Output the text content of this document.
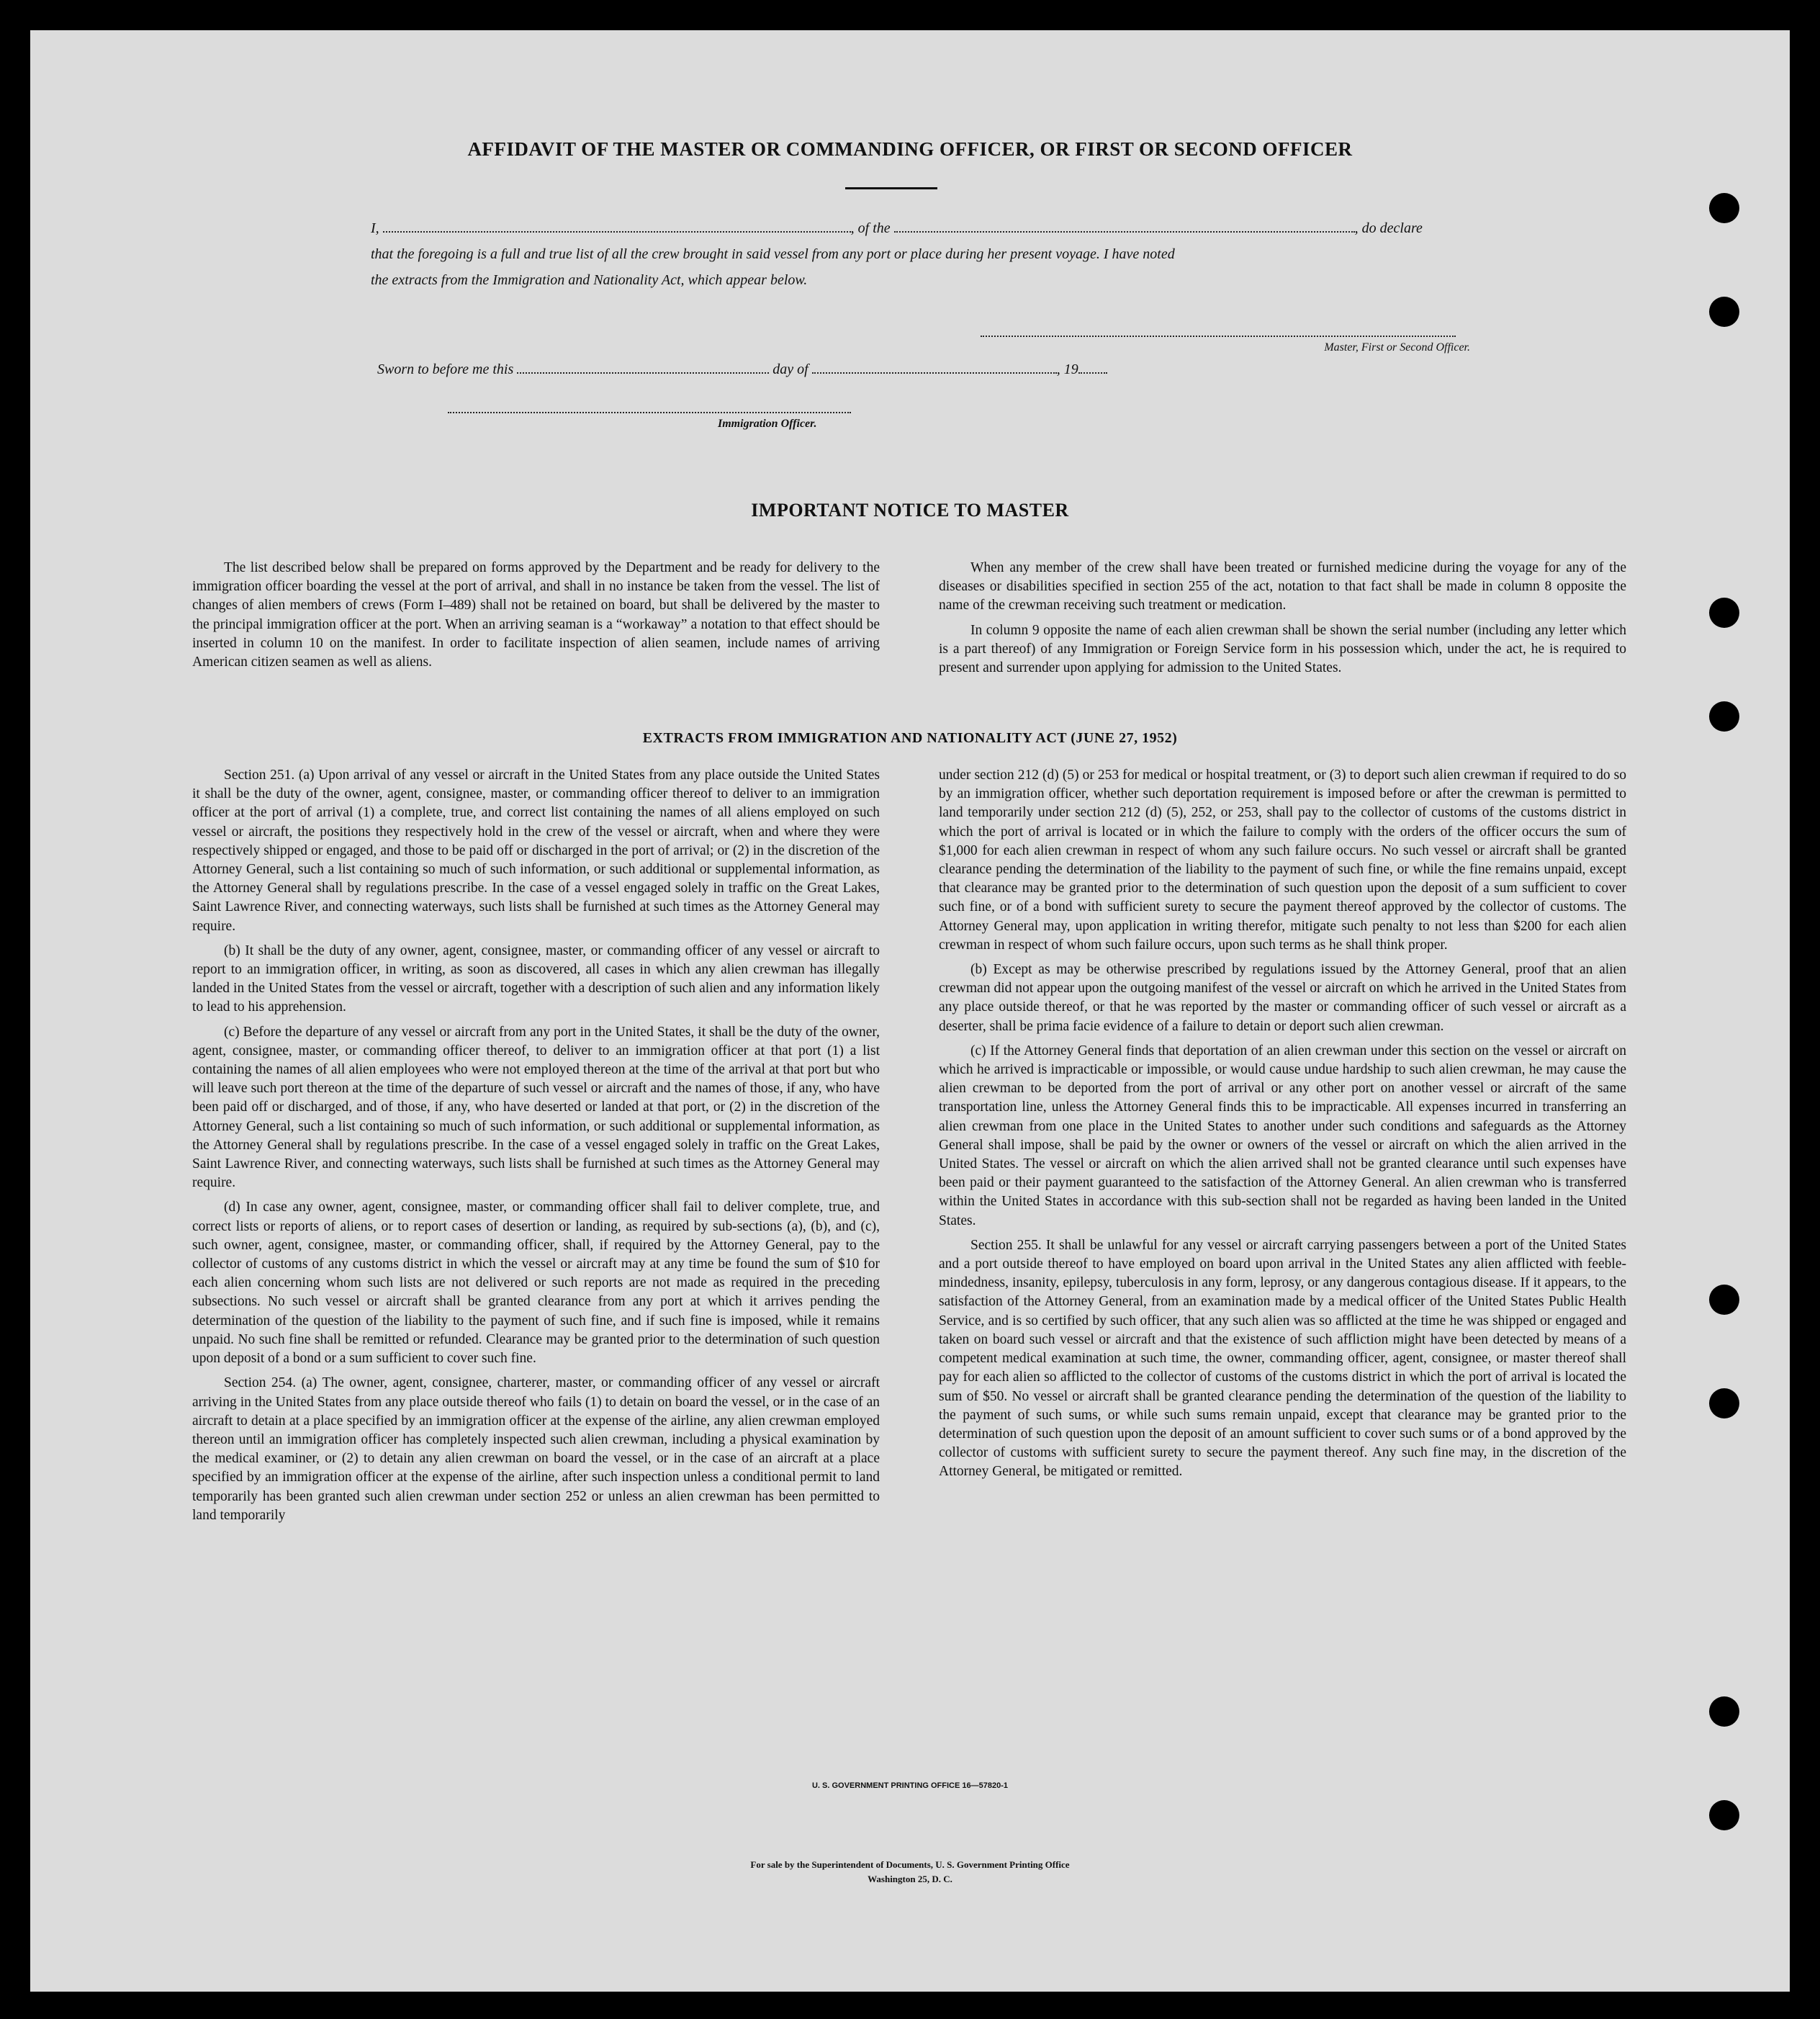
AFFIDAVIT OF THE MASTER OR COMMANDING OFFICER, OR FIRST OR SECOND OFFICER
I,	, of the	, do declare
that the foregoing is a full and true list of all the crew brought in said vessel from any port or place during her present voyage. I have noted
the extracts from the Immigration and Nationality Act, which appear below.
Master, First or Second Officer.
Sworn to before me this	day of	, 19
Immigration Officer.
IMPORTANT NOTICE TO MASTER

The list described below shall be prepared on forms approved by the Department and be ready for delivery to the immigration officer boarding the vessel at the port of arrival, and shall in no instance be taken from the vessel. The list of changes of alien members of crews (Form I–489) shall not be retained on board, but shall be delivered by the master to the principal immigration officer at the port. When an arriving seaman is a “workaway” a notation to that effect should be inserted in column 10 on the manifest. In order to facilitate inspection of alien seamen, include names of arriving American citizen seamen as well as aliens.

When any member of the crew shall have been treated or furnished medicine during the voyage for any of the diseases or disabilities specified in section 255 of the act, notation to that fact shall be made in column 8 opposite the name of the crewman receiving such treatment or medication.

In column 9 opposite the name of each alien crewman shall be shown the serial number (including any letter which is a part thereof) of any Immigration or Foreign Service form in his possession which, under the act, he is required to present and surrender upon applying for admission to the United States.

EXTRACTS FROM IMMIGRATION AND NATIONALITY ACT (JUNE 27, 1952)

Section 251. (a) Upon arrival of any vessel or aircraft in the United States from any place outside the United States it shall be the duty of the owner, agent, consignee, master, or commanding officer thereof to deliver to an immigration officer at the port of arrival (1) a complete, true, and correct list containing the names of all aliens employed on such vessel or aircraft, the positions they respectively hold in the crew of the vessel or aircraft, when and where they were respectively shipped or engaged, and those to be paid off or discharged in the port of arrival; or (2) in the discretion of the Attorney General, such a list containing so much of such information, or such additional or supplemental information, as the Attorney General shall by regulations prescribe. In the case of a vessel engaged solely in traffic on the Great Lakes, Saint Lawrence River, and connecting waterways, such lists shall be furnished at such times as the Attorney General may require.

(b) It shall be the duty of any owner, agent, consignee, master, or commanding officer of any vessel or aircraft to report to an immigration officer, in writing, as soon as discovered, all cases in which any alien crewman has illegally landed in the United States from the vessel or aircraft, together with a description of such alien and any information likely to lead to his apprehension.

(c) Before the departure of any vessel or aircraft from any port in the United States, it shall be the duty of the owner, agent, consignee, master, or commanding officer thereof, to deliver to an immigration officer at that port (1) a list containing the names of all alien employees who were not employed thereon at the time of the arrival at that port but who will leave such port thereon at the time of the departure of such vessel or aircraft and the names of those, if any, who have been paid off or discharged, and of those, if any, who have deserted or landed at that port, or (2) in the discretion of the Attorney General, such a list containing so much of such information, or such additional or supplemental information, as the Attorney General shall by regulations prescribe. In the case of a vessel engaged solely in traffic on the Great Lakes, Saint Lawrence River, and connecting waterways, such lists shall be furnished at such times as the Attorney General may require.

(d) In case any owner, agent, consignee, master, or commanding officer shall fail to deliver complete, true, and correct lists or reports of aliens, or to report cases of desertion or landing, as required by sub-sections (a), (b), and (c), such owner, agent, consignee, master, or commanding officer, shall, if required by the Attorney General, pay to the collector of customs of any customs district in which the vessel or aircraft may at any time be found the sum of $10 for each alien concerning whom such lists are not delivered or such reports are not made as required in the preceding subsections. No such vessel or aircraft shall be granted clearance from any port at which it arrives pending the determination of the question of the liability to the payment of such fine, and if such fine is imposed, while it remains unpaid. No such fine shall be remitted or refunded. Clearance may be granted prior to the determination of such question upon deposit of a bond or a sum sufficient to cover such fine.

Section 254. (a) The owner, agent, consignee, charterer, master, or commanding officer of any vessel or aircraft arriving in the United States from any place outside thereof who fails (1) to detain on board the vessel, or in the case of an aircraft to detain at a place specified by an immigration officer at the expense of the airline, any alien crewman employed thereon until an immigration officer has completely inspected such alien crewman, including a physical examination by the medical examiner, or (2) to detain any alien crewman on board the vessel, or in the case of an aircraft at a place specified by an immigration officer at the expense of the airline, after such inspection unless a conditional permit to land temporarily has been granted such alien crewman under section 252 or unless an alien crewman has been permitted to land temporarily

under section 212 (d) (5) or 253 for medical or hospital treatment, or (3) to deport such alien crewman if required to do so by an immigration officer, whether such deportation requirement is imposed before or after the crewman is permitted to land temporarily under section 212 (d) (5), 252, or 253, shall pay to the collector of customs of the customs district in which the port of arrival is located or in which the failure to comply with the orders of the officer occurs the sum of $1,000 for each alien crewman in respect of whom any such failure occurs. No such vessel or aircraft shall be granted clearance pending the determination of the liability to the payment of such fine, or while the fine remains unpaid, except that clearance may be granted prior to the determination of such question upon the deposit of a sum sufficient to cover such fine, or of a bond with sufficient surety to secure the payment thereof approved by the collector of customs. The Attorney General may, upon application in writing therefor, mitigate such penalty to not less than $200 for each alien crewman in respect of whom such failure occurs, upon such terms as he shall think proper.

(b) Except as may be otherwise prescribed by regulations issued by the Attorney General, proof that an alien crewman did not appear upon the outgoing manifest of the vessel or aircraft on which he arrived in the United States from any place outside thereof, or that he was reported by the master or commanding officer of such vessel or aircraft as a deserter, shall be prima facie evidence of a failure to detain or deport such alien crewman.

(c) If the Attorney General finds that deportation of an alien crewman under this section on the vessel or aircraft on which he arrived is impracticable or impossible, or would cause undue hardship to such alien crewman, he may cause the alien crewman to be deported from the port of arrival or any other port on another vessel or aircraft of the same transportation line, unless the Attorney General finds this to be impracticable. All expenses incurred in transferring an alien crewman from one place in the United States to another under such conditions and safeguards as the Attorney General shall impose, shall be paid by the owner or owners of the vessel or aircraft on which the alien arrived in the United States. The vessel or aircraft on which the alien arrived shall not be granted clearance until such expenses have been paid or their payment guaranteed to the satisfaction of the Attorney General. An alien crewman who is transferred within the United States in accordance with this sub-section shall not be regarded as having been landed in the United States.

Section 255. It shall be unlawful for any vessel or aircraft carrying passengers between a port of the United States and a port outside thereof to have employed on board upon arrival in the United States any alien afflicted with feeble-mindedness, insanity, epilepsy, tuberculosis in any form, leprosy, or any dangerous contagious disease. If it appears, to the satisfaction of the Attorney General, from an examination made by a medical officer of the United States Public Health Service, and is so certified by such officer, that any such alien was so afflicted at the time he was shipped or engaged and taken on board such vessel or aircraft and that the existence of such affliction might have been detected by means of a competent medical examination at such time, the owner, commanding officer, agent, consignee, or master thereof shall pay for each alien so afflicted to the collector of customs of the customs district in which the port of arrival is located the sum of $50. No vessel or aircraft shall be granted clearance pending the determination of the question of the liability to the payment of such sums, or while such sums remain unpaid, except that clearance may be granted prior to the determination of such question upon the deposit of an amount sufficient to cover such sums or of a bond approved by the collector of customs with sufficient surety to secure the payment thereof. Any such fine may, in the discretion of the Attorney General, be mitigated or remitted.

U. S. GOVERNMENT PRINTING OFFICE 16—57820-1
For sale by the Superintendent of Documents, U. S. Government Printing Office
Washington 25, D. C.
